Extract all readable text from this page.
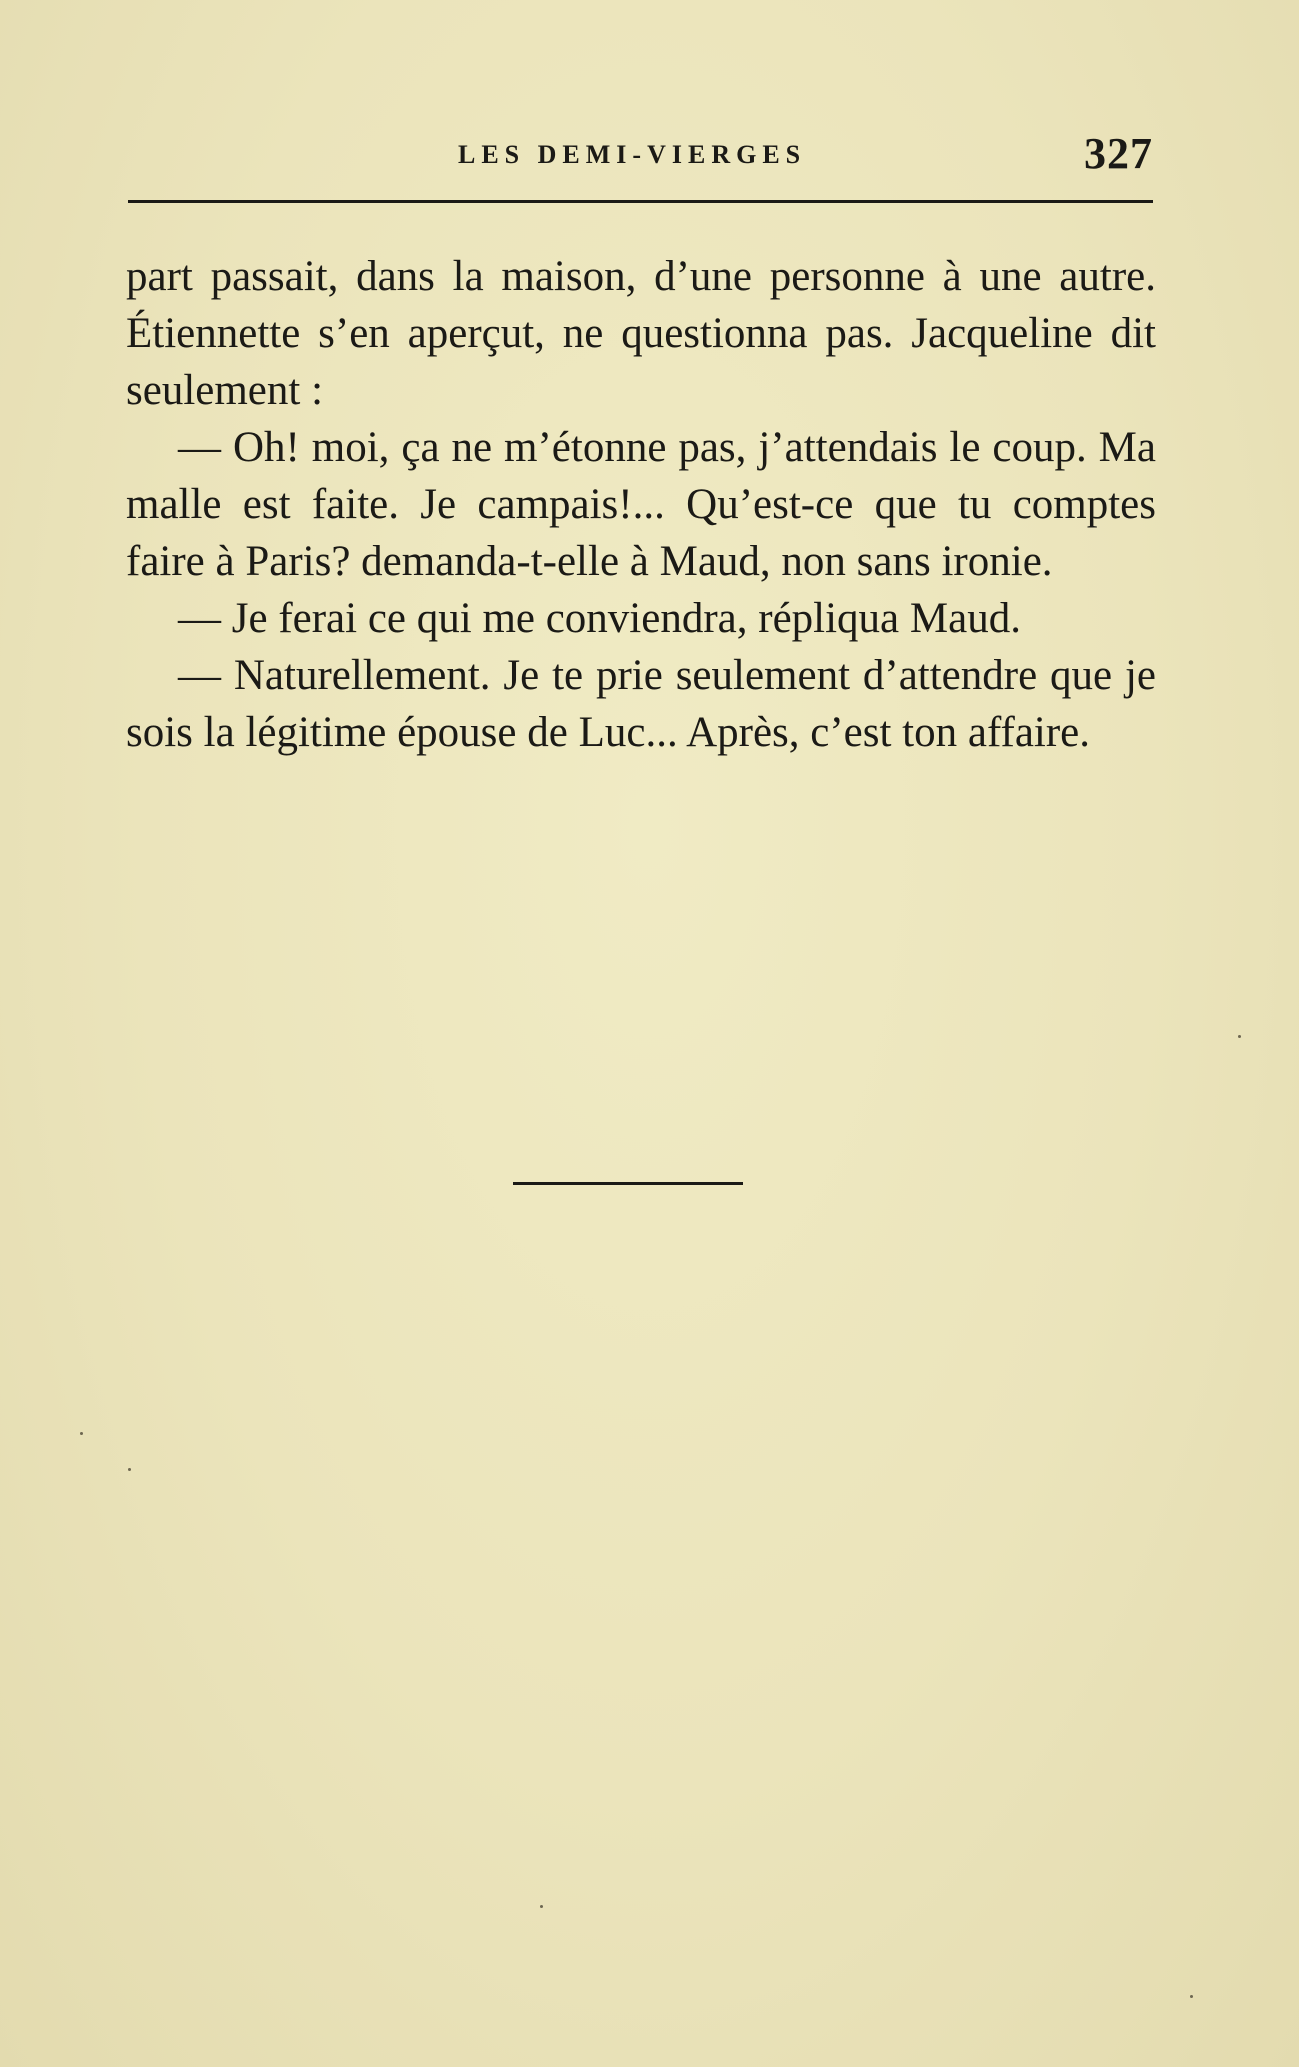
LES DEMI-VIERGES	327

part passait, dans la maison, d’une personne à une autre. Étiennette s’en aperçut, ne questionna pas. Jacqueline dit seulement :

— Oh! moi, ça ne m’étonne pas, j’attendais le coup. Ma malle est faite. Je campais!... Qu’est-ce que tu comptes faire à Paris? demanda-t-elle à Maud, non sans ironie.

— Je ferai ce qui me conviendra, répliqua Maud.

— Naturellement. Je te prie seulement d’attendre que je sois la légitime épouse de Luc... Après, c’est ton affaire.
